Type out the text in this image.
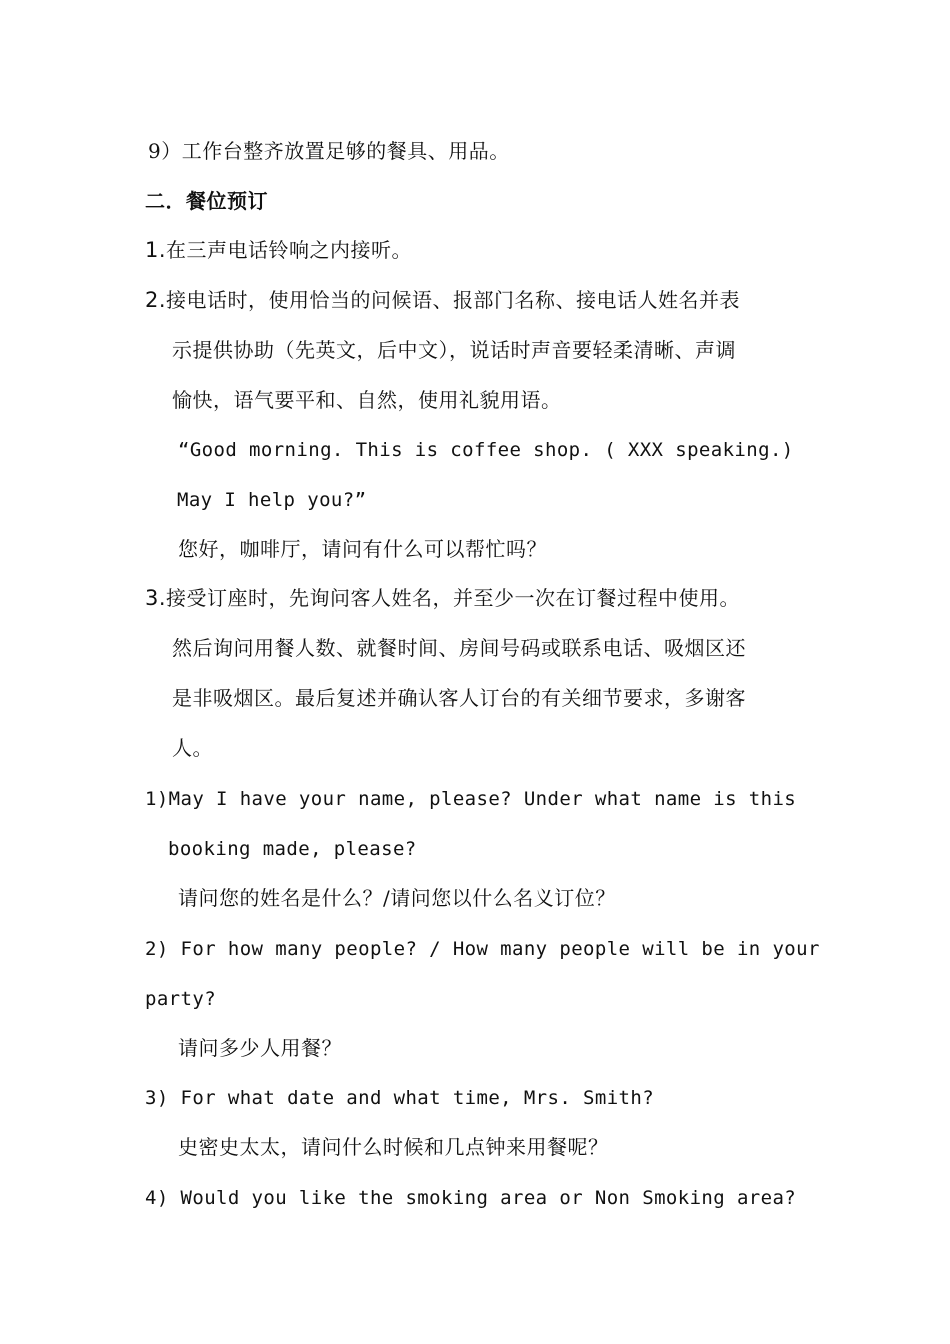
9）工作台整齐放置足够的餐具、用品。
二．餐位预订
1.在三声电话铃响之内接听。
2.接电话时，使用恰当的问候语、报部门名称、接电话人姓名并表
示提供协助（先英文，后中文），说话时声音要轻柔清晰、声调
愉快，语气要平和、自然，使用礼貌用语。
“Good morning. This is coffee shop. ( XXX speaking.)
May I help you?”
您好，咖啡厅，请问有什么可以帮忙吗？
3.接受订座时，先询问客人姓名，并至少一次在订餐过程中使用。
然后询问用餐人数、就餐时间、房间号码或联系电话、吸烟区还
是非吸烟区。最后复述并确认客人订台的有关细节要求，多谢客
人。
1)May I have your name, please? Under what name is this
booking made, please?
请问您的姓名是什么？/请问您以什么名义订位？
2) For how many people? / How many people will be in your
party?
请问多少人用餐？
3) For what date and what time, Mrs. Smith?
史密史太太，请问什么时候和几点钟来用餐呢？
4) Would you like the smoking area or Non Smoking area?
